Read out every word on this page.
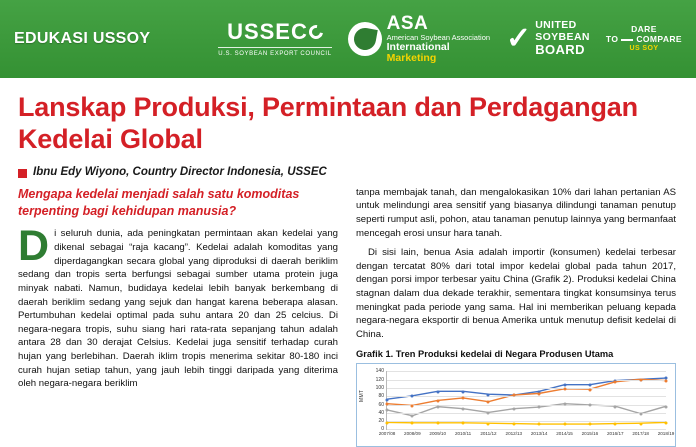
EDUKASI USSOY	USSEC
U.S. SOYBEAN EXPORT COUNCIL
ASA
American Soybean Association
International
Marketing
✓ UNITED
SOYBEAN
BOARD
DARE
TO COMPARE
US SOY
Lanskap Produksi, Permintaan dan Perdagangan Kedelai Global
Ibnu Edy Wiyono, Country Director Indonesia, USSEC
Mengapa kedelai menjadi salah satu komoditas terpenting bagi kehidupan manusia?

Di seluruh dunia, ada peningkatan permintaan akan kedelai yang dikenal sebagai “raja kacang”. Kedelai adalah komoditas yang diperdagangkan secara global yang diproduksi di daerah beriklim sedang dan tropis serta berfungsi sebagai sumber utama protein juga minyak nabati. Namun, budidaya kedelai lebih banyak berkembang di daerah beriklim sedang yang sejuk dan hangat karena beberapa alasan. Pertumbuhan kedelai optimal pada suhu antara 20 dan 25 celcius. Di negara-negara tropis, suhu siang hari rata-rata sepanjang tahun adalah antara 28 dan 30 derajat Celsius. Kedelai juga sensitif terhadap curah hujan yang berlebihan. Daerah iklim tropis menerima sekitar 80-180 inci curah hujan setiap tahun, yang jauh lebih tinggi daripada yang diterima oleh negara-negara beriklim

tanpa membajak tanah, dan mengalokasikan 10% dari lahan pertanian AS untuk melindungi area sensitif yang biasanya dilindungi tanaman penutup seperti rumput asli, pohon, atau tanaman penutup lainnya yang bermanfaat mencegah erosi unsur hara tanah.

Di sisi lain, benua Asia adalah importir (konsumen) kedelai terbesar dengan tercatat 80% dari total impor kedelai global pada tahun 2017, dengan porsi impor terbesar yaitu China (Grafik 2). Produksi kedelai China stagnan dalam dua dekade terakhir, sementara tingkat konsumsinya terus meningkat pada periode yang sama. Hal ini memberikan peluang kepada negara-negara eksportir di benua Amerika untuk menutup defisit kedelai di China.

Grafik 1. Tren Produksi kedelai di Negara Produsen Utama
MMT
0
20
40
60
80
100
120
140
2007/08 2008/09 2009/10 2010/11 2011/12 2012/13 2013/14 2014/15 2015/16 2016/17 2017/18 2018/19
